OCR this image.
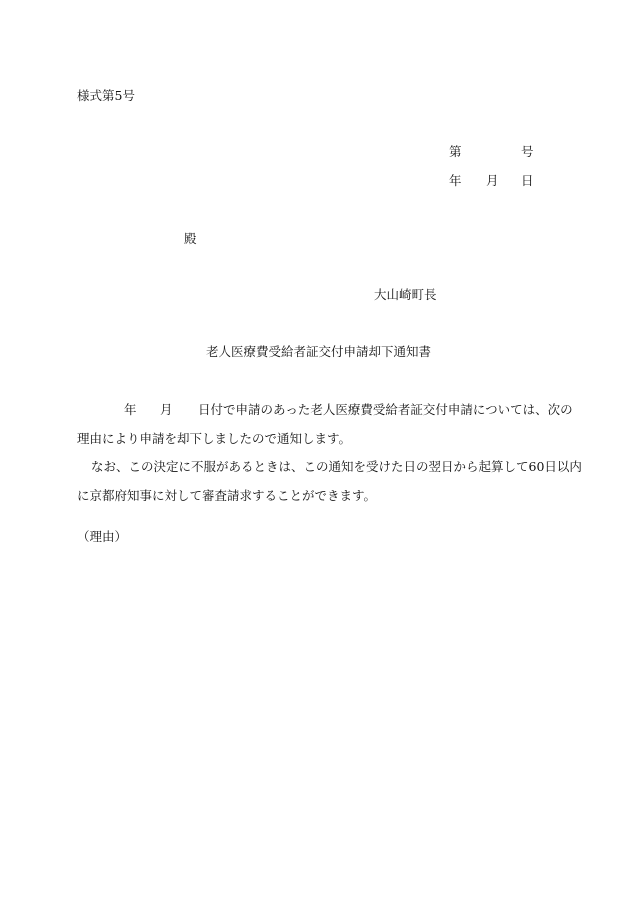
様式第5号
第	号
年 月 日
殿
大山崎町長
老人医療費受給者証交付申請却下通知書
年 月 日付で申請のあった老人医療費受給者証交付申請については、次の
理由により申請を却下しましたので通知します。
なお、この決定に不服があるときは、この通知を受けた日の翌日から起算して60日以内
に京都府知事に対して審査請求することができます。
（理由）
